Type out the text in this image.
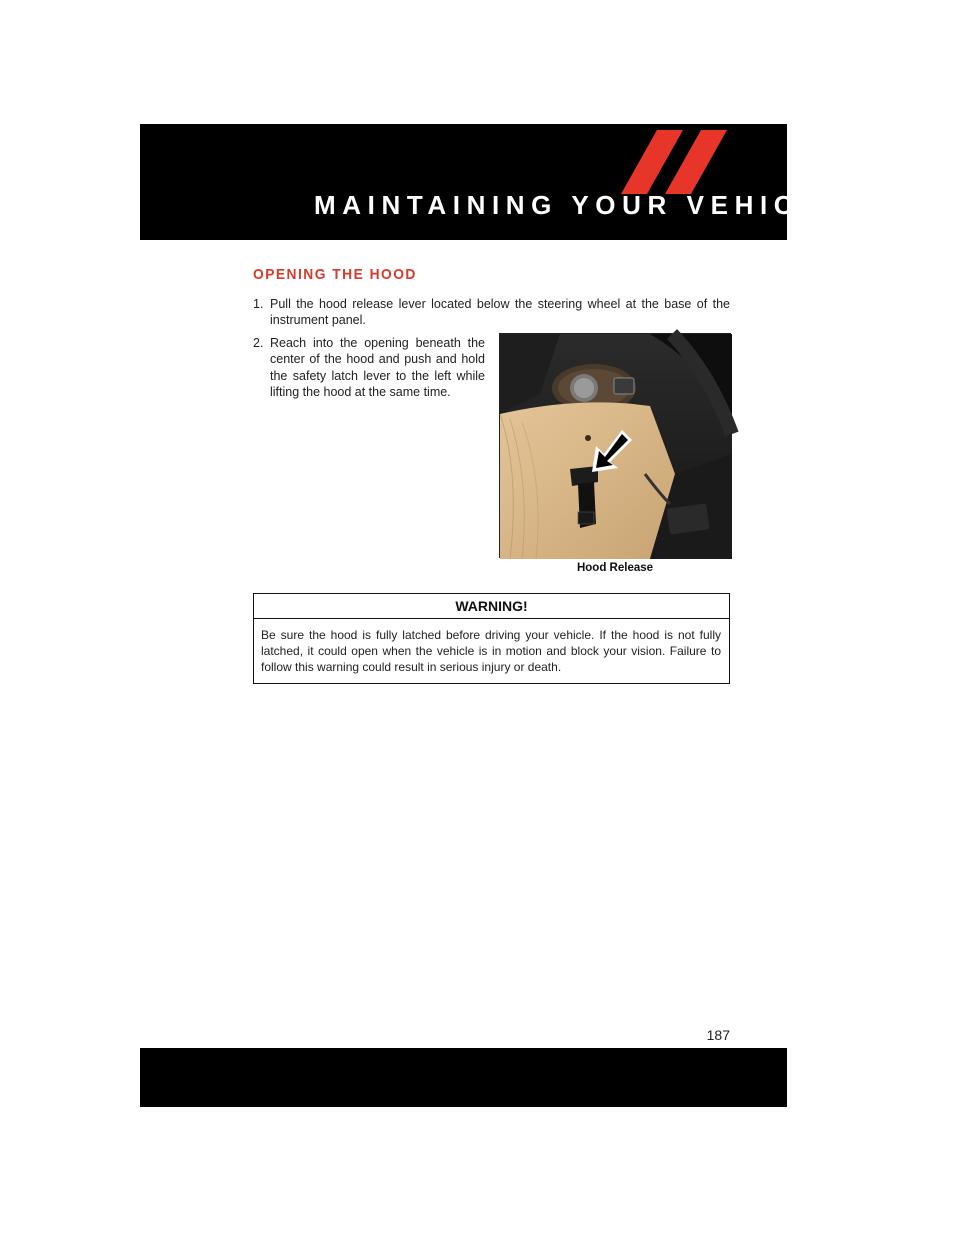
MAINTAINING YOUR VEHICLE
OPENING THE HOOD
1. Pull the hood release lever located below the steering wheel at the base of the instrument panel.
2. Reach into the opening beneath the center of the hood and push and hold the safety latch lever to the left while lifting the hood at the same time.
Hood Release
WARNING!
Be sure the hood is fully latched before driving your vehicle. If the hood is not fully latched, it could open when the vehicle is in motion and block your vision. Failure to follow this warning could result in serious injury or death.
187
